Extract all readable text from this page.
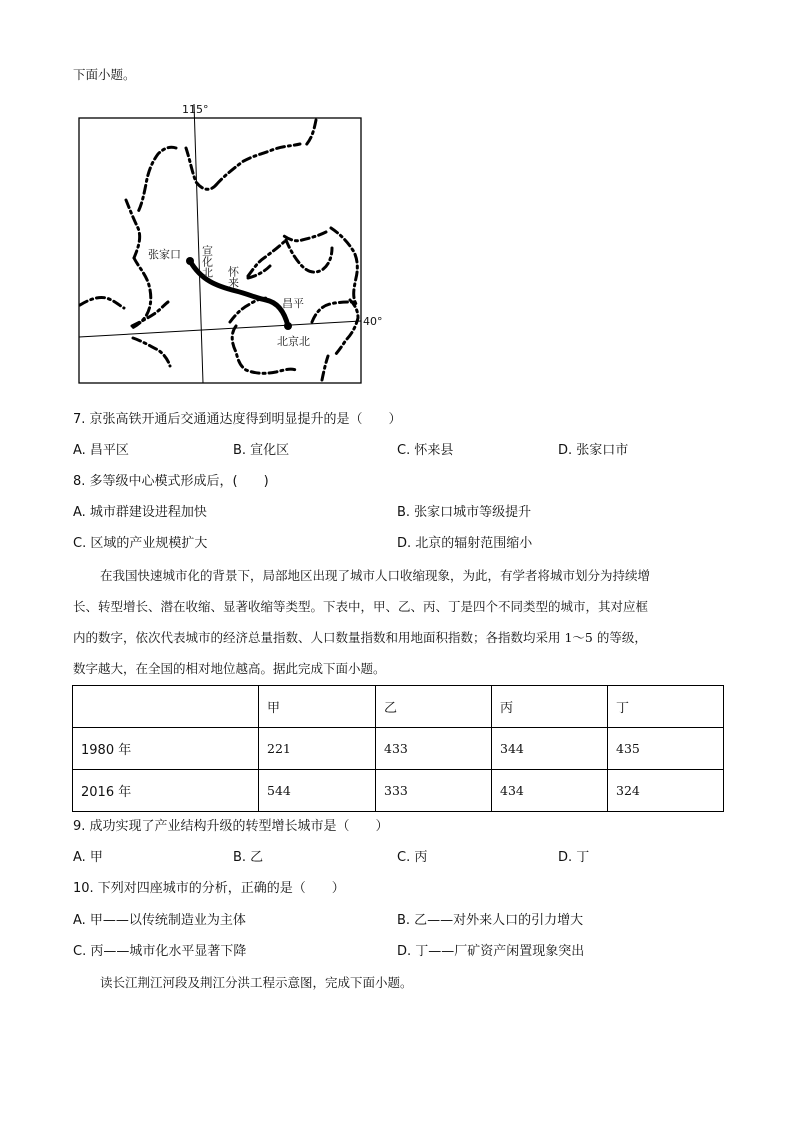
下面小题。
115°
40°
张家口 宣化北 怀来
昌平
北京北
7. 京张高铁开通后交通通达度得到明显提升的是（　　）
A. 昌平区	B. 宣化区	C. 怀来县	D. 张家口市
8. 多等级中心模式形成后，(　　)
A. 城市群建设进程加快	B. 张家口城市等级提升
C. 区域的产业规模扩大	D. 北京的辐射范围缩小
在我国快速城市化的背景下，局部地区出现了城市人口收缩现象，为此，有学者将城市划分为持续增
长、转型增长、潜在收缩、显著收缩等类型。下表中，甲、乙、丙、丁是四个不同类型的城市，其对应框
内的数字，依次代表城市的经济总量指数、人口数量指数和用地面积指数；各指数均采用 1～5 的等级，
数字越大，在全国的相对地位越高。据此完成下面小题。
	甲	乙	丙	丁
1980 年	221	433	344	435
2016 年	544	333	434	324
9. 成功实现了产业结构升级的转型增长城市是（　　）
A. 甲	B. 乙	C. 丙	D. 丁
10. 下列对四座城市的分析，正确的是（　　）
A. 甲——以传统制造业为主体	B. 乙——对外来人口的引力增大
C. 丙——城市化水平显著下降	D. 丁——厂矿资产闲置现象突出
读长江荆江河段及荆江分洪工程示意图，完成下面小题。
